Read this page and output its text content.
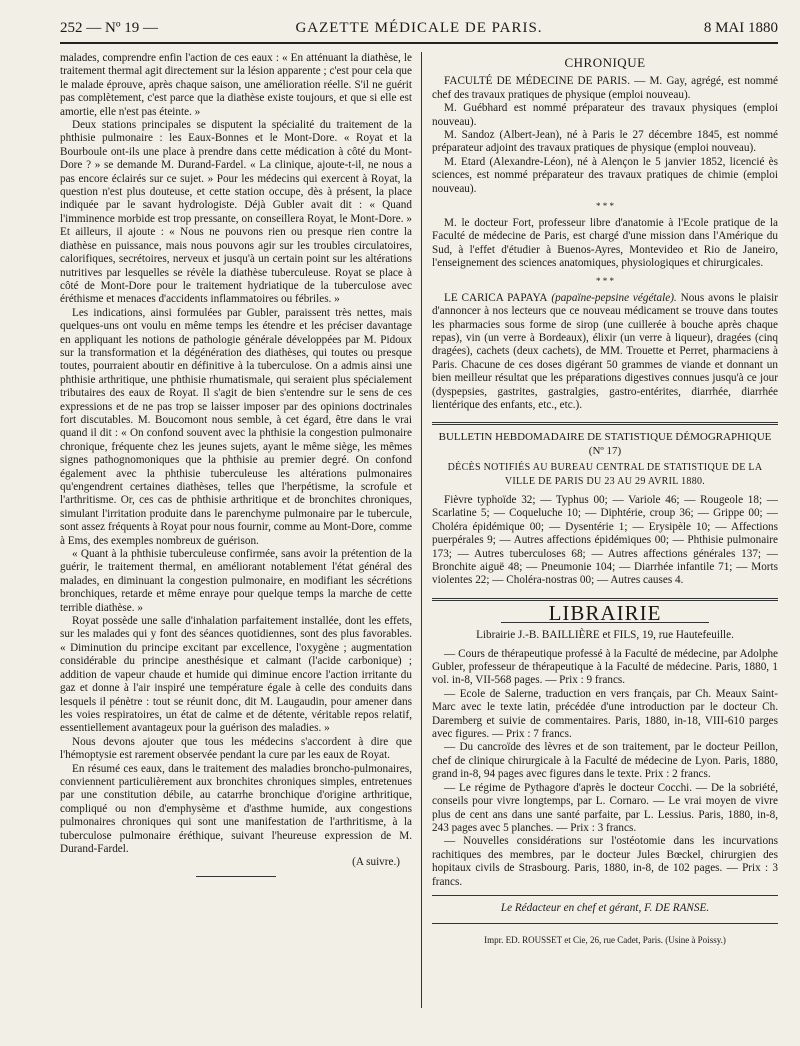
252 — Nº 19 —	GAZETTE MÉDICALE DE PARIS.	8 MAI 1880

malades, comprendre enfin l'action de ces eaux : « En atténuant la diathèse, le traitement thermal agit directement sur la lésion apparente ; c'est pour cela que le malade éprouve, après chaque saison, une amélioration réelle. S'il ne guérit pas complètement, c'est parce que la diathèse existe toujours, et que si elle est amortie, elle n'est pas éteinte. »

Deux stations principales se disputent la spécialité du traitement de la phthisie pulmonaire : les Eaux-Bonnes et le Mont-Dore. « Royat et la Bourboule ont-ils une place à prendre dans cette médication à côté du Mont-Dore ? » se demande M. Durand-Fardel. « La clinique, ajoute-t-il, ne nous a pas encore éclairés sur ce sujet. » Pour les médecins qui exercent à Royat, la question n'est plus douteuse, et cette station occupe, dès à présent, la place indiquée par le savant hydrologiste. Déjà Gubler avait dit : « Quand l'imminence morbide est trop pressante, on conseillera Royat, le Mont-Dore. » Et ailleurs, il ajoute : « Nous ne pouvons rien ou presque rien contre la diathèse en puissance, mais nous pouvons agir sur les troubles circulatoires, calorifiques, secrétoires, nerveux et jusqu'à un certain point sur les altérations nutritives par lesquelles se révèle la diathèse tuberculeuse. Royat se place à côté de Mont-Dore pour le traitement hydriatique de la tuberculose avec éréthisme et menaces d'accidents inflammatoires ou fébriles. »

Les indications, ainsi formulées par Gubler, paraissent très nettes, mais quelques-uns ont voulu en même temps les étendre et les préciser davantage en appliquant les notions de pathologie générale développées par M. Pidoux sur la transformation et la dégénération des diathèses, qui toutes ou presque toutes, pourraient aboutir en définitive à la tuberculose. On a admis ainsi une phthisie arthritique, une phthisie rhumatismale, qui seraient plus spécialement tributaires des eaux de Royat. Il s'agit de bien s'entendre sur le sens de ces expressions et de ne pas trop se laisser imposer par des opinions doctrinales fort discutables. M. Boucomont nous semble, à cet égard, être dans le vrai quand il dit : « On confond souvent avec la phthisie la congestion pulmonaire chronique, fréquente chez les jeunes sujets, ayant le même siège, les mêmes signes pathognomoniques que la phthisie au premier degré. On confond également avec la phthisie tuberculeuse les altérations pulmonaires qu'engendrent certaines diathèses, telles que l'herpétisme, la scrofule et l'arthritisme. Or, ces cas de phthisie arthritique et de bronchites chroniques, simulant l'irritation produite dans le parenchyme pulmonaire par le tubercule, sont assez fréquents à Royat pour nous fournir, comme au Mont-Dore, comme à Ems, des exemples nombreux de guérison.

« Quant à la phthisie tuberculeuse confirmée, sans avoir la prétention de la guérir, le traitement thermal, en améliorant notablement l'état général des malades, en diminuant la congestion pulmonaire, en modifiant les sécrétions bronchiques, retarde et même enraye pour quelque temps la marche de cette terrible diathèse. »

Royat possède une salle d'inhalation parfaitement installée, dont les effets, sur les malades qui y font des séances quotidiennes, sont des plus favorables. « Diminution du principe excitant par excellence, l'oxygène ; augmentation considérable du principe anesthésique et calmant (l'acide carbonique) ; addition de vapeur chaude et humide qui diminue encore l'action irritante du gaz et donne à l'air inspiré une température égale à celle des conduits dans lesquels il pénètre : tout se réunit donc, dit M. Laugaudin, pour amener dans les voies respiratoires, un état de calme et de détente, véritable repos relatif, essentiellement avantageux pour la guérison des maladies. »

Nous devons ajouter que tous les médecins s'accordent à dire que l'hémoptysie est rarement observée pendant la cure par les eaux de Royat.

En résumé ces eaux, dans le traitement des maladies broncho-pulmonaires, conviennent particulièrement aux bronchites chroniques simples, entretenues par une constitution débile, au catarrhe bronchique d'origine arthritique, compliqué ou non d'emphysème et d'asthme humide, aux congestions pulmonaires chroniques qui sont une manifestation de l'arthritisme, à la tuberculose pulmonaire éréthique, suivant l'heureuse expression de M. Durand-Fardel.

(A suivre.)
CHRONIQUE

FACULTÉ DE MÉDECINE DE PARIS. — M. Gay, agrégé, est nommé chef des travaux pratiques de physique (emploi nouveau).

M. Guébhard est nommé préparateur des travaux physiques (emploi nouveau).

M. Sandoz (Albert-Jean), né à Paris le 27 décembre 1845, est nommé préparateur adjoint des travaux pratiques de physique (emploi nouveau).

M. Etard (Alexandre-Léon), né à Alençon le 5 janvier 1852, licencié ès sciences, est nommé préparateur des travaux pratiques de chimie (emploi nouveau).

* * *

M. le docteur Fort, professeur libre d'anatomie à l'Ecole pratique de la Faculté de médecine de Paris, est chargé d'une mission dans l'Amérique du Sud, à l'effet d'étudier à Buenos-Ayres, Montevideo et Rio de Janeiro, l'enseignement des sciences anatomiques, physiologiques et chirurgicales.

* * *

LE CARICA PAPAYA (papaïne-pepsine végétale). Nous avons le plaisir d'annoncer à nos lecteurs que ce nouveau médicament se trouve dans toutes les pharmacies sous forme de sirop (une cuillerée à bouche après chaque repas), vin (un verre à Bordeaux), élixir (un verre à liqueur), dragées (cinq dragées), cachets (deux cachets), de MM. Trouette et Perret, pharmaciens à Paris. Chacune de ces doses digérant 50 grammes de viande et donnant un bien meilleur résultat que les préparations digestives connues jusqu'à ce jour (dyspepsies, gastrites, gastralgies, gastro-entérites, diarrhée, diarrhée lientérique des enfants, etc., etc.).

BULLETIN HEBDOMADAIRE DE STATISTIQUE DÉMOGRAPHIQUE (Nº 17)
DÉCÈS NOTIFIÉS AU BUREAU CENTRAL DE STATISTIQUE DE LA VILLE DE PARIS DU 23 AU 29 AVRIL 1880.

Fièvre typhoïde 32; — Typhus 00; — Variole 46; — Rougeole 18; — Scarlatine 5; — Coqueluche 10; — Diphtérie, croup 36; — Grippe 00; — Choléra épidémique 00; — Dysentérie 1; — Erysipèle 10; — Affections puerpérales 9; — Autres affections épidémiques 00; — Phthisie pulmonaire 173; — Autres tuberculoses 68; — Autres affections générales 137; — Bronchite aiguë 48; — Pneumonie 104; — Diarrhée infantile 71; — Morts violentes 22; — Choléra-nostras 00; — Autres causes 4.

LIBRAIRIE
Librairie J.-B. BAILLIÈRE et FILS, 19, rue Hautefeuille.

— Cours de thérapeutique professé à la Faculté de médecine, par Adolphe Gubler, professeur de thérapeutique à la Faculté de médecine. Paris, 1880, 1 vol. in-8, VII-568 pages. — Prix : 9 francs.

— Ecole de Salerne, traduction en vers français, par Ch. Meaux Saint-Marc avec le texte latin, précédée d'une introduction par le docteur Ch. Daremberg et suivie de commentaires. Paris, 1880, in-18, VIII-610 parges avec figures. — Prix : 7 francs.

— Du cancroïde des lèvres et de son traitement, par le docteur Peillon, chef de clinique chirurgicale à la Faculté de médecine de Lyon. Paris, 1880, grand in-8, 94 pages avec figures dans le texte. Prix : 2 francs.

— Le régime de Pythagore d'après le docteur Cocchi. — De la sobriété, conseils pour vivre longtemps, par L. Cornaro. — Le vrai moyen de vivre plus de cent ans dans une santé parfaite, par L. Lessius. Paris, 1880, in-8, 243 pages avec 5 planches. — Prix : 3 francs.

— Nouvelles considérations sur l'ostéotomie dans les incurvations rachitiques des membres, par le docteur Jules Bœckel, chirurgien des hopitaux civils de Strasbourg. Paris, 1880, in-8, de 102 pages. — Prix : 3 francs.

Le Rédacteur en chef et gérant, F. DE RANSE.
Impr. ED. ROUSSET et Cie, 26, rue Cadet, Paris. (Usine à Poissy.)
